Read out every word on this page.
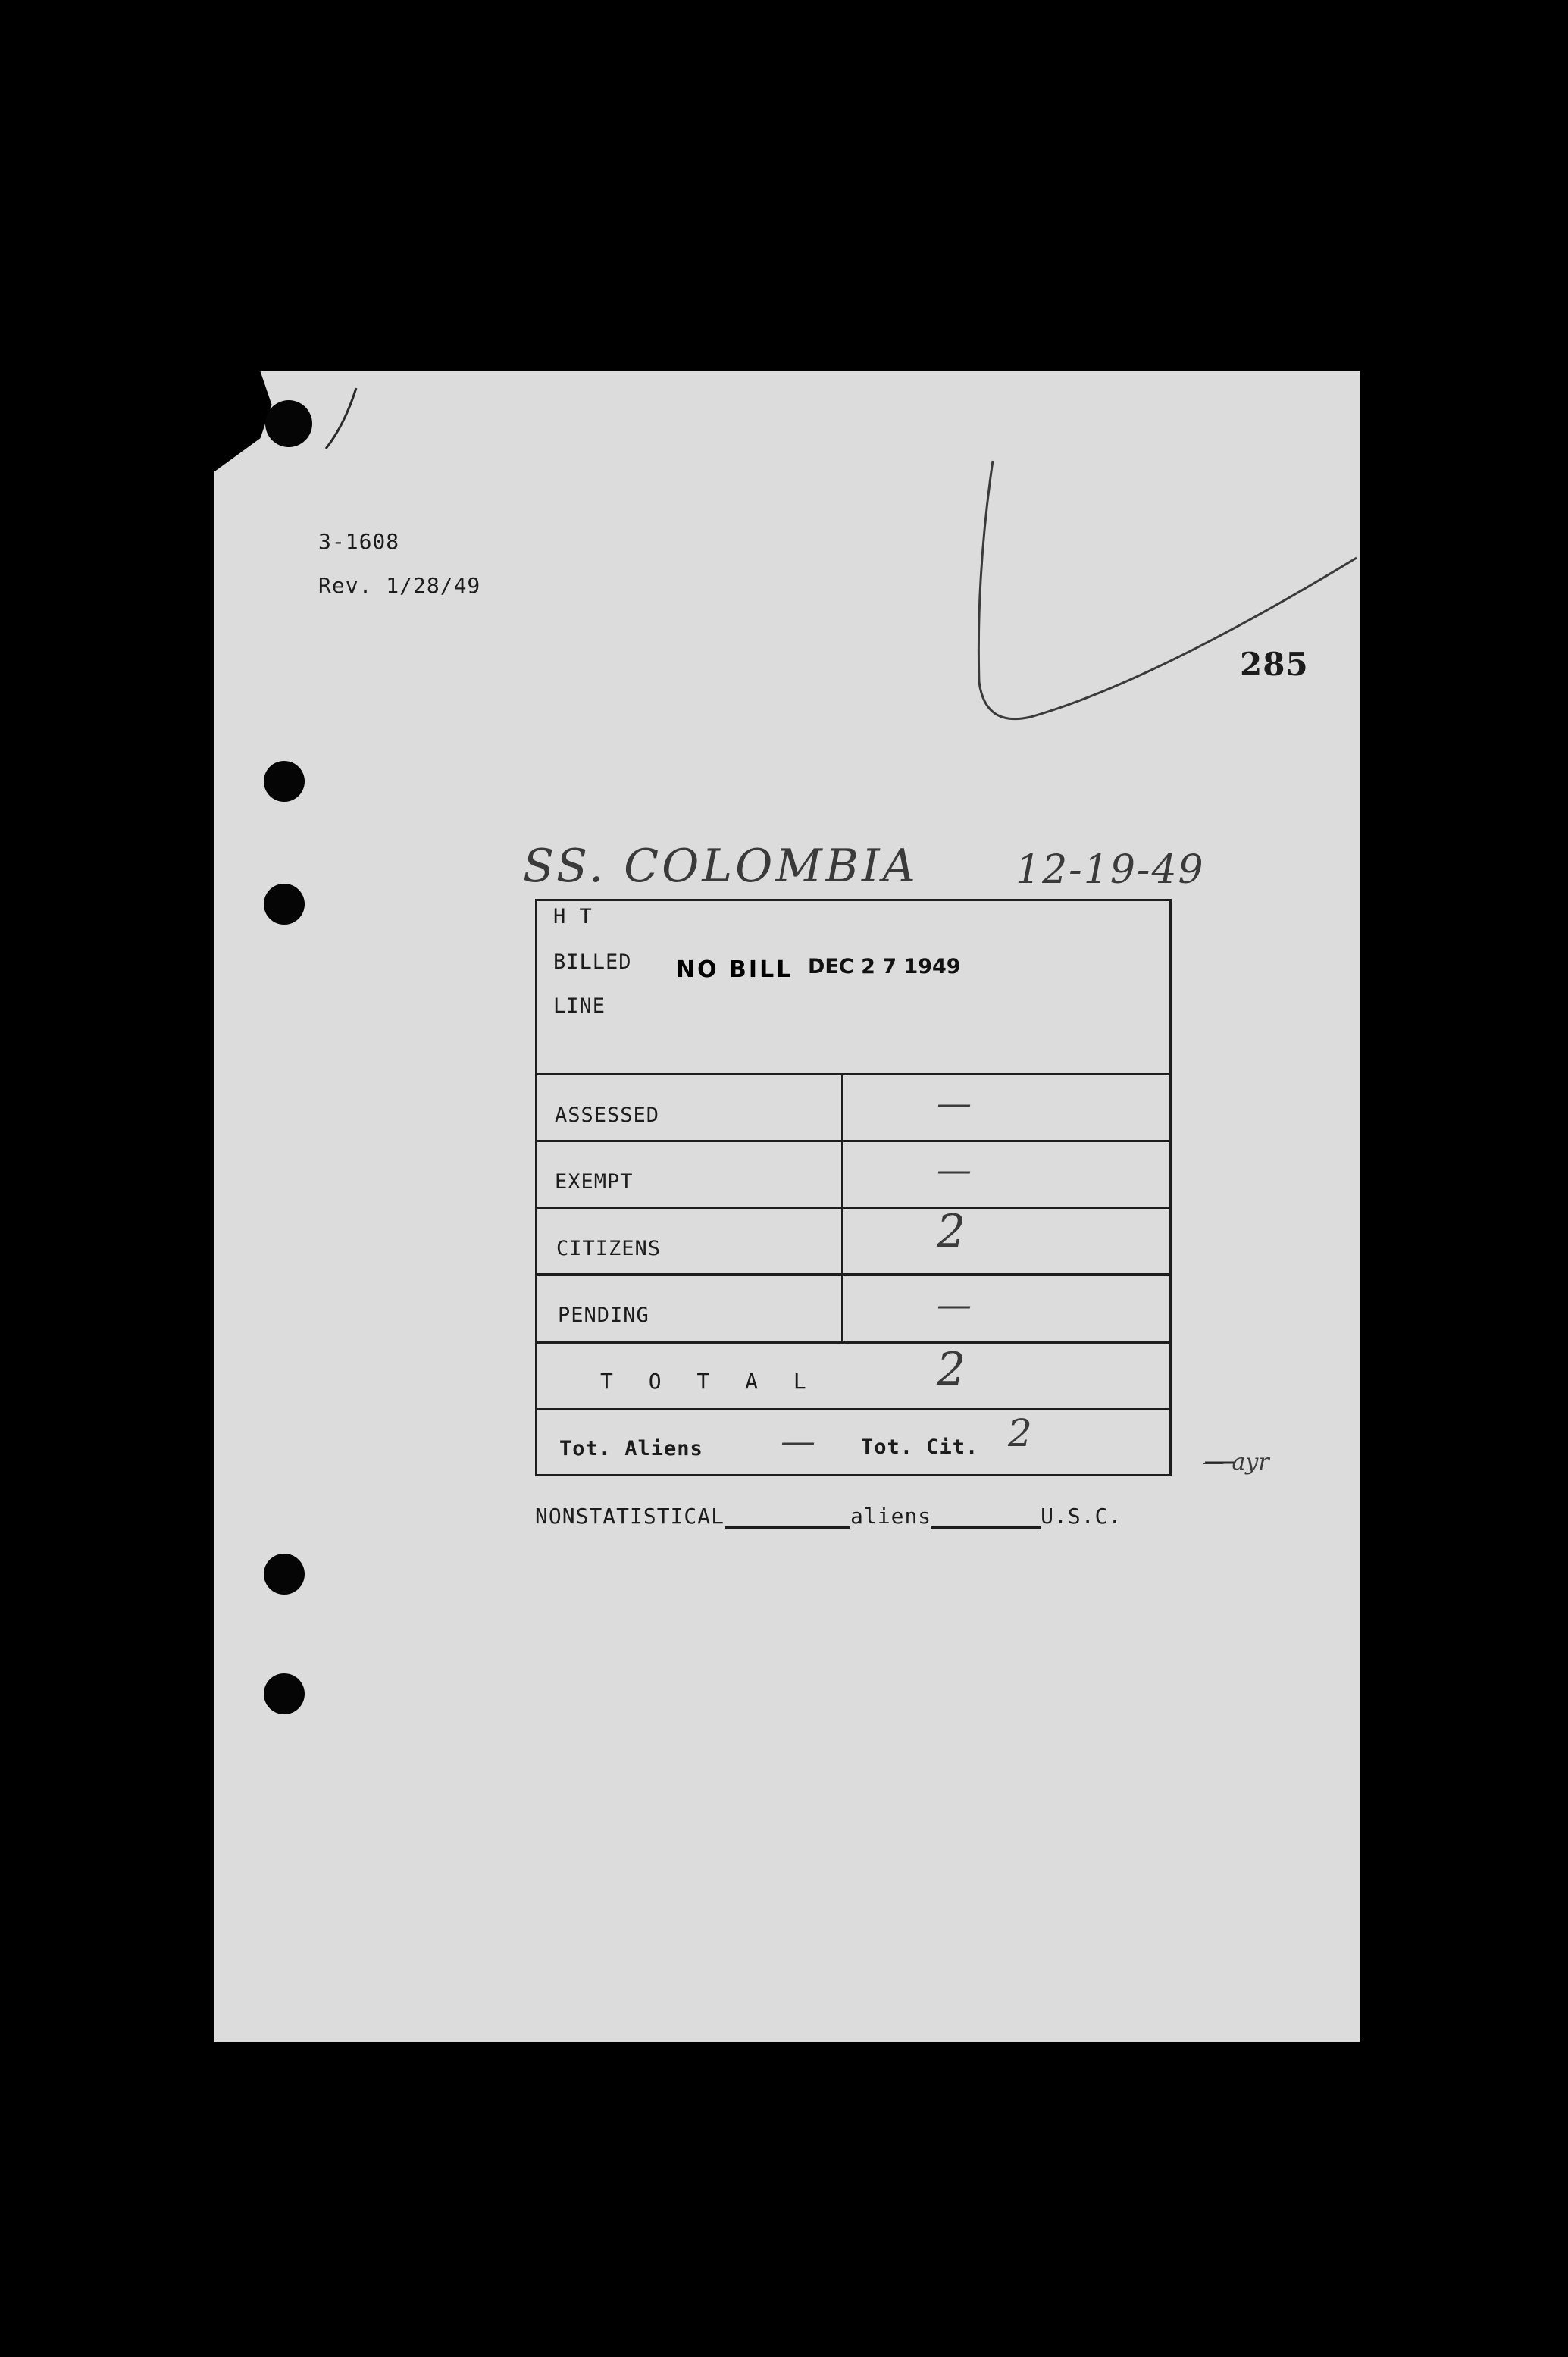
3-1608
Rev. 1/28/49
285
SS. COLOMBIA 12-19-49
H T
BILLED NO BILL DEC 2 7 1949
LINE
ASSESSED	—
EXEMPT	—
CITIZENS	2
PENDING	—
T O T A L	2
Tot. Aliens — Tot. Cit. 2
— ayr
NONSTATISTICAL	aliens	U.S.C.
